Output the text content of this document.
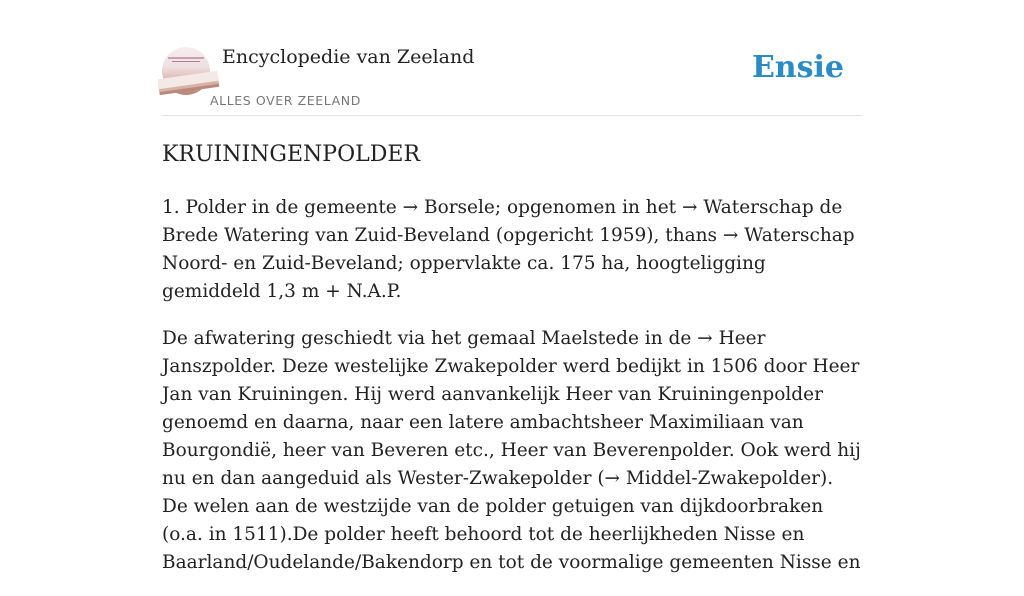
Encyclopedie van Zeeland
ALLES OVER ZEELAND
Ensie
KRUININGENPOLDER

1. Polder in de gemeente → Borsele; opgenomen in het → Waterschap de Brede Watering van Zuid-Beveland (opgericht 1959), thans → Waterschap Noord- en Zuid-Beveland; oppervlakte ca. 175 ha, hoogteligging gemiddeld 1,3 m + N.A.P.

De afwatering geschiedt via het gemaal Maelstede in de → Heer Janszpolder. Deze westelijke Zwakepolder werd bedijkt in 1506 door Heer Jan van Kruiningen. Hij werd aanvankelijk Heer van Kruiningenpolder genoemd en daarna, naar een latere ambachtsheer Maximiliaan van Bourgondië, heer van Beveren etc., Heer van Beverenpolder. Ook werd hij nu en dan aangeduid als Wester-Zwakepolder (→ Middel-Zwakepolder). De welen aan de westzijde van de polder getuigen van dijkdoorbraken (o.a. in 1511).De polder heeft behoord tot de heerlijkheden Nisse en Baarland/Oudelande/Bakendorp en tot de voormalige gemeenten Nisse en
